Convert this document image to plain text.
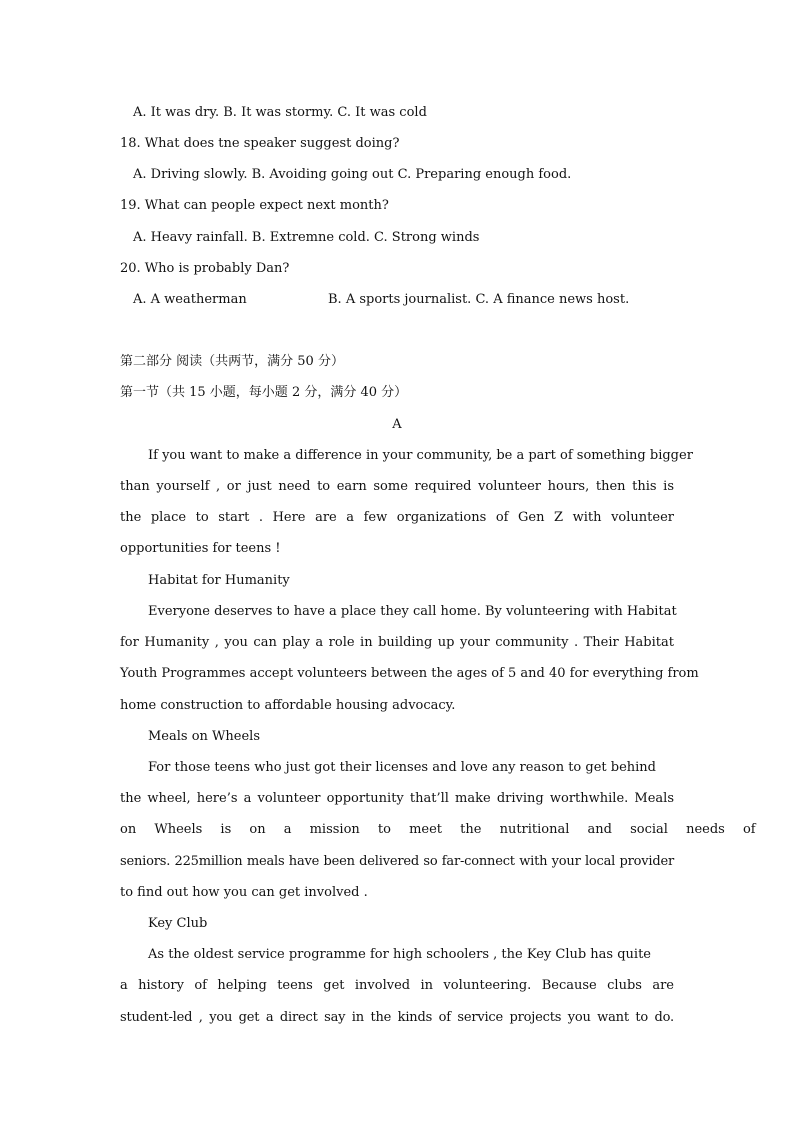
A. It was dry. B. It was stormy. C. It was cold
18. What does tne speaker suggest doing?
A. Driving slowly. B. Avoiding going out C. Preparing enough food.
19. What can people expect next month?
A. Heavy rainfall. B. Extremne cold. C. Strong winds
20. Who is probably Dan?
A. A weatherman	B. A sports journalist. C. A finance news host.
第二部分 阅读（共两节，满分 50 分）
第一节（共 15 小题，每小题 2 分，满分 40 分）
A
If you want to make a difference in your community, be a part of something bigger
than yourself , or just need to earn some required volunteer hours, then this is
the place to start . Here are a few organizations of Gen Z with volunteer
opportunities for teens !
Habitat for Humanity
Everyone deserves to have a place they call home. By volunteering with Habitat
for Humanity , you can play a role in building up your community . Their Habitat
Youth Programmes accept volunteers between the ages of 5 and 40 for everything from
home construction to affordable housing advocacy.
Meals on Wheels
For those teens who just got their licenses and love any reason to get behind
the wheel, here’s a volunteer opportunity that’ll make driving worthwhile. Meals
on Wheels is on a mission to meet the nutritional and social needs of
seniors. 225million meals have been delivered so far-connect with your local provider
to find out how you can get involved .
Key Club
As the oldest service programme for high schoolers , the Key Club has quite
a history of helping teens get involved in volunteering. Because clubs are
student-led , you get a direct say in the kinds of service projects you want to do.
